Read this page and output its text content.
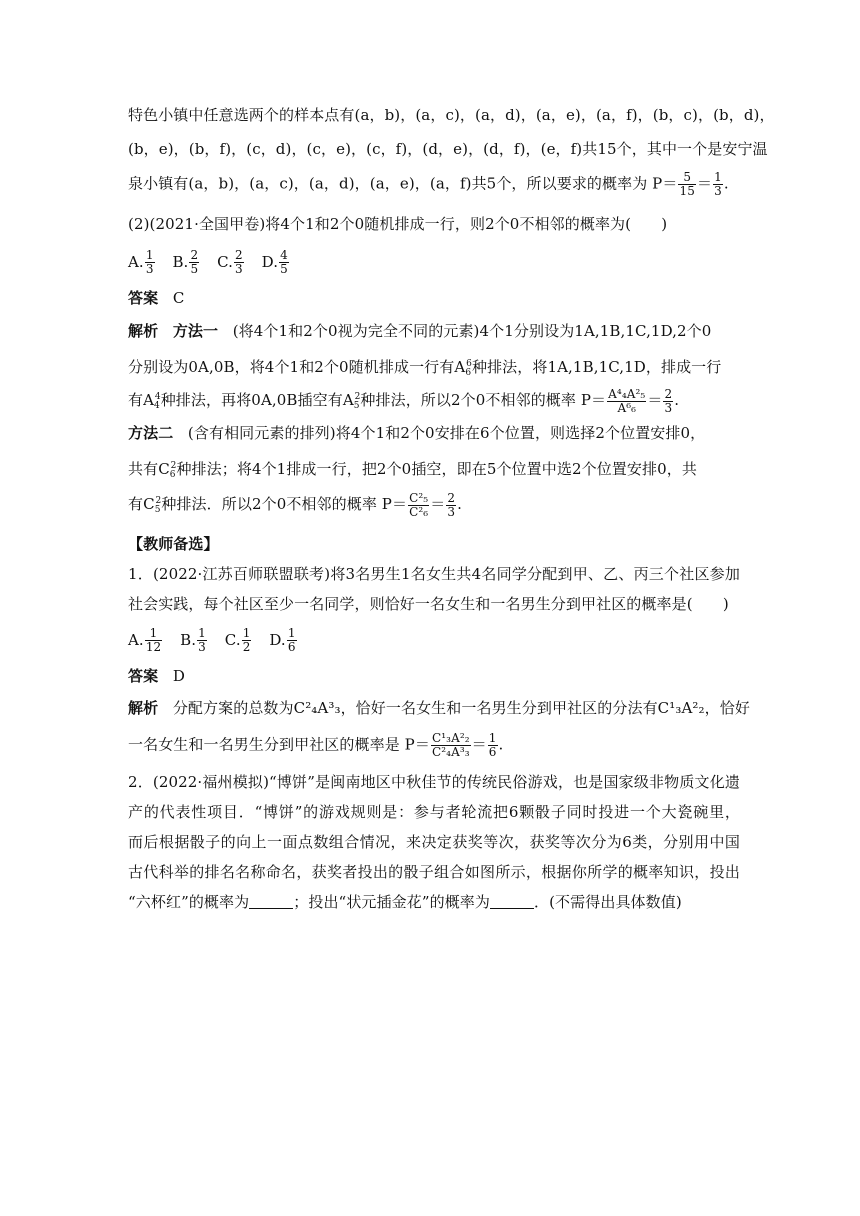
特色小镇中任意选两个的样本点有(a，b)，(a，c)，(a，d)，(a，e)，(a，f)，(b，c)，(b，d)，
(b，e)，(b，f)，(c，d)，(c，e)，(c，f)，(d，e)，(d，f)，(e，f)共15个，其中一个是安宁温
泉小镇有(a，b)，(a，c)，(a，d)，(a，e)，(a，f)共5个，所以要求的概率为 $P= \frac{5}{15} = \frac{1}{3}$ .
(2)(2021·全国甲卷)将4个1和2个0随机排成一行，则2个0不相邻的概率为(　　)
A. $\frac{1}{3} B$. $\frac{2}{5} C$. $\frac{2}{3} D$. $\frac{4}{5}$
答案 C
解析 方法一 (将4个1和2个0视为完全不同的元素)4个1分别设为1A,1B,1C,1D,2个0
分别设为0A,0B，将4个1和2个0随机排成一行有$A_6^6$种排法，将1A,1B,1C,1D，排成一行
有$A_4^4$种排法，再将0A,0B插空有$A_5^2$种排法，所以2个0不相邻的概率 $P= \frac{\text{A⁴₄A²₅}}{\text{A⁶₆}} = \frac{2}{3}$ .
方法二 (含有相同元素的排列)将4个1和2个0安排在6个位置，则选择2个位置安排0，
共有$C_6^2$种排法；将4个1排成一行，把2个0插空，即在5个位置中选2个位置安排0，共
有$C_5^2$种排法．所以2个0不相邻的概率 $P= \frac{\text{C²₅}}{\text{C²₆}} = \frac{2}{3}$ .
【教师备选】
1．(2022·江苏百师联盟联考)将3名男生1名女生共4名同学分配到甲、乙、丙三个社区参加
社会实践，每个社区至少一名同学，则恰好一名女生和一名男生分到甲社区的概率是(　　)
A. $\frac{1}{12} B$. $\frac{1}{3} C$. $\frac{1}{2} D$. $\frac{1}{6}$
答案 D
解析 分配方案的总数为C²₄A³₃，恰好一名女生和一名男生分到甲社区的分法有C¹₃A²₂，恰好
一名女生和一名男生分到甲社区的概率是 $P= \frac{\text{C¹₃A²₂}}{\text{C²₄A³₃}} = \frac{1}{6}$ .
2．(2022·福州模拟)“博饼”是闽南地区中秋佳节的传统民俗游戏，也是国家级非物质文化遗
产的代表性项目．“博饼”的游戏规则是：参与者轮流把6颗骰子同时投进一个大瓷碗里，
而后根据骰子的向上一面点数组合情况，来决定获奖等次，获奖等次分为6类，分别用中国
古代科举的排名名称命名，获奖者投出的骰子组合如图所示，根据你所学的概率知识，投出
“六杯红”的概率为	；投出“状元插金花”的概率为	．(不需得出具体数值)
